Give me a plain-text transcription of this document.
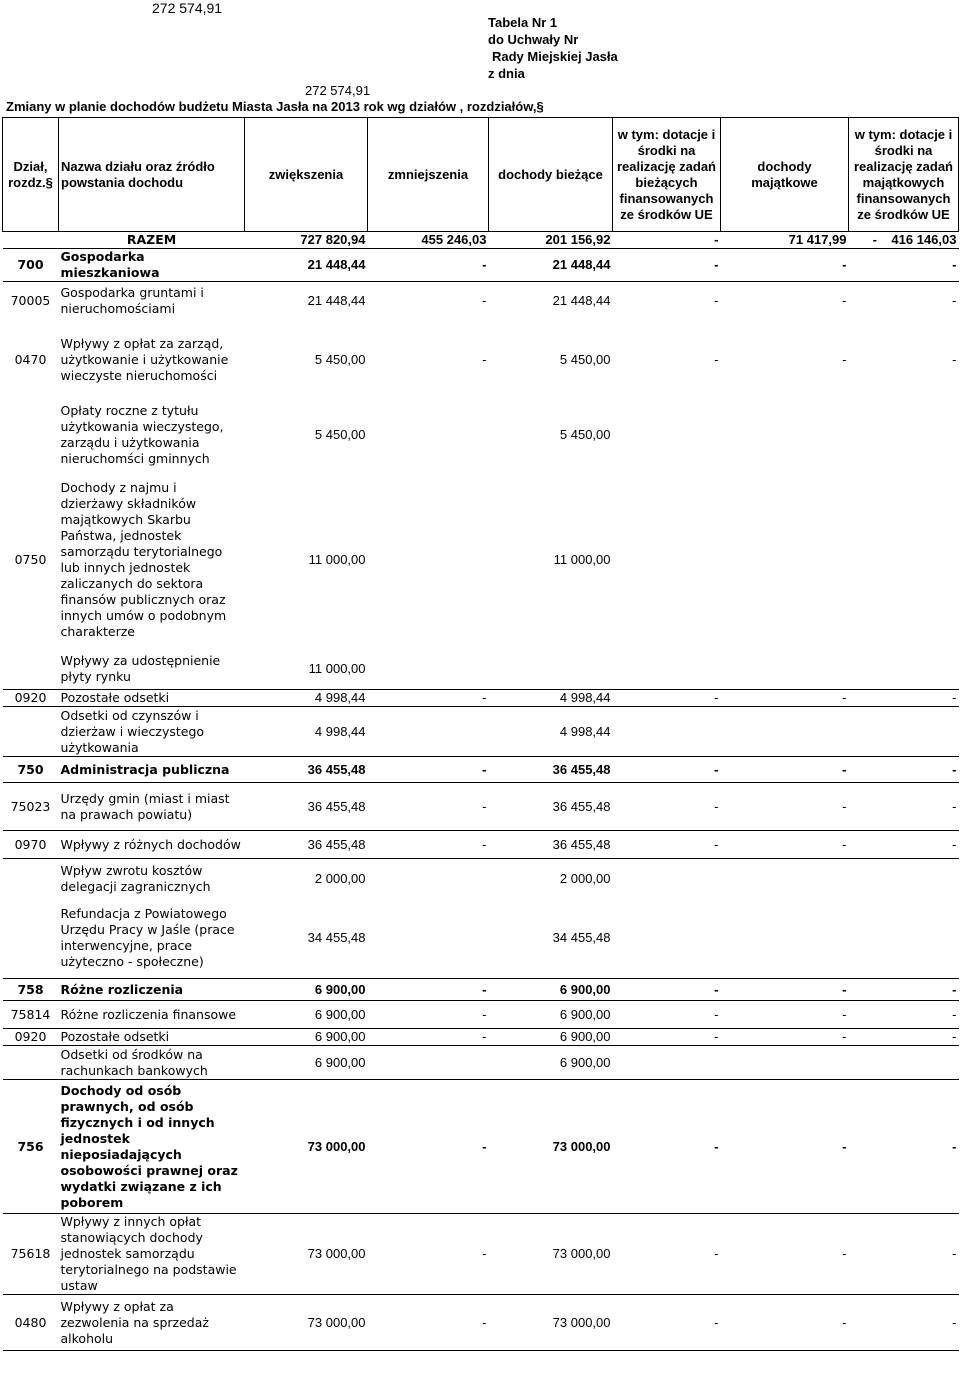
272 574,91
Tabela Nr 1
do Uchwały Nr
Rady Miejskiej Jasła
z dnia
272 574,91
Zmiany w planie dochodów budżetu Miasta Jasła na 2013 rok wg działów , rozdziałów,§
Dział, rozdz.§	Nazwa działu oraz źródło powstania dochodu	zwiększenia	zmniejszenia	dochody bieżące	w tym: dotacje i środki na realizację zadań bieżących finansowanych ze środków UE	dochody majątkowe	w tym: dotacje i środki na realizację zadań majątkowych finansowanych ze środków UE
	RAZEM	727 820,94	455 246,03	201 156,92	-	71 417,99	- 416 146,03
700	Gospodarka mieszkaniowa	21 448,44	-	21 448,44	-	-	-
70005	Gospodarka gruntami i nieruchomościami	21 448,44	-	21 448,44	-	-	-
0470	Wpływy z opłat za zarząd, użytkowanie i użytkowanie wieczyste nieruchomości	5 450,00	-	5 450,00	-	-	-
	Opłaty roczne z tytułu użytkowania wieczystego, zarządu i użytkowania nieruchomści gminnych	5 450,00		5 450,00			
0750	Dochody z najmu i dzierżawy składników majątkowych Skarbu Państwa, jednostek samorządu terytorialnego lub innych jednostek zaliczanych do sektora finansów publicznych oraz innych umów o podobnym charakterze	11 000,00		11 000,00			
	Wpływy za udostępnienie płyty rynku	11 000,00					
0920	Pozostałe odsetki	4 998,44	-	4 998,44	-	-	-
	Odsetki od czynszów i dzierżaw i wieczystego użytkowania	4 998,44		4 998,44			
750	Administracja publiczna	36 455,48	-	36 455,48	-	-	-
75023	Urzędy gmin (miast i miast na prawach powiatu)	36 455,48	-	36 455,48	-	-	-
0970	Wpływy z różnych dochodów	36 455,48	-	36 455,48	-	-	-
	Wpływ zwrotu kosztów delegacji zagranicznych	2 000,00		2 000,00			
	Refundacja z Powiatowego Urzędu Pracy w Jaśle (prace interwencyjne, prace użyteczno - społeczne)	34 455,48		34 455,48			
758	Różne rozliczenia	6 900,00	-	6 900,00	-	-	-
75814	Różne rozliczenia finansowe	6 900,00	-	6 900,00	-	-	-
0920	Pozostałe odsetki	6 900,00	-	6 900,00	-	-	-
	Odsetki od środków na rachunkach bankowych	6 900,00		6 900,00			
756	Dochody od osób prawnych, od osób fizycznych i od innych jednostek nieposiadających osobowości prawnej oraz wydatki związane z ich poborem	73 000,00	-	73 000,00	-	-	-
75618	Wpływy z innych opłat stanowiących dochody jednostek samorządu terytorialnego na podstawie ustaw	73 000,00	-	73 000,00	-	-	-
0480	Wpływy z opłat za zezwolenia na sprzedaż alkoholu	73 000,00	-	73 000,00	-	-	-
